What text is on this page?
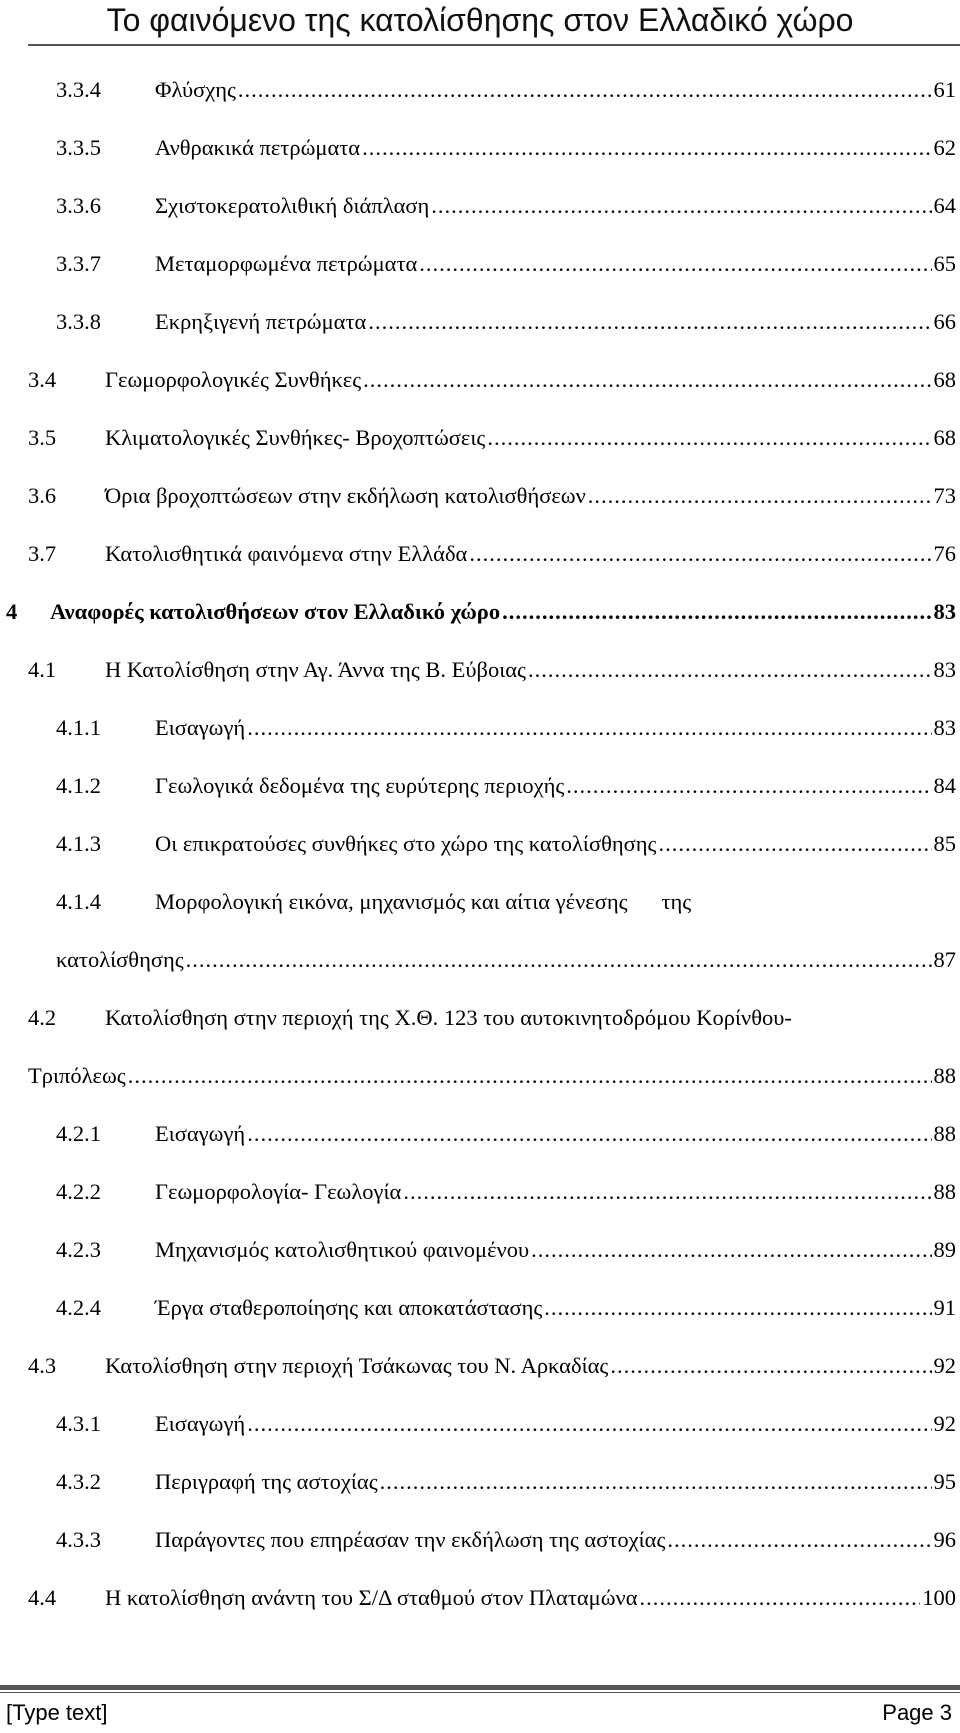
Το φαινόμενο της κατολίσθησης στον Ελλαδικό χώρο
3.3.4	Φλύσχης .....	61
3.3.5	Ανθρακικά πετρώματα .....	62
3.3.6	Σχιστοκερατολιθική διάπλαση .....	64
3.3.7	Μεταμορφωμένα πετρώματα .....	65
3.3.8	Εκρηξιγενή πετρώματα .....	66
3.4	Γεωμορφολογικές Συνθήκες .....	68
3.5	Κλιματολογικές Συνθήκες- Βροχοπτώσεις .....	68
3.6	Όρια βροχοπτώσεων στην εκδήλωση κατολισθήσεων .....	73
3.7	Κατολισθητικά φαινόμενα στην Ελλάδα .....	76
4	Αναφορές κατολισθήσεων στον Ελλαδικό χώρο .....	83
4.1	Η Κατολίσθηση στην Αγ. Άννα της Β. Εύβοιας .....	83
4.1.1	Εισαγωγή .....	83
4.1.2	Γεωλογικά δεδομένα της ευρύτερης περιοχής .....	84
4.1.3	Οι επικρατούσες συνθήκες στο χώρο της κατολίσθησης .....	85
4.1.4	Μορφολογική εικόνα, μηχανισμός και αίτια γένεσης της
κατολίσθησης .....	87
4.2	Κατολίσθηση στην περιοχή της Χ.Θ. 123 του αυτοκινητοδρόμου Κορίνθου-
Τριπόλεως .....	88
4.2.1	Εισαγωγή .....	88
4.2.2	Γεωμορφολογία- Γεωλογία .....	88
4.2.3	Μηχανισμός κατολισθητικού φαινομένου .....	89
4.2.4	Έργα σταθεροποίησης και αποκατάστασης .....	91
4.3	Κατολίσθηση στην περιοχή Τσάκωνας του Ν. Αρκαδίας .....	92
4.3.1	Εισαγωγή .....	92
4.3.2	Περιγραφή της αστοχίας .....	95
4.3.3	Παράγοντες που επηρέασαν την εκδήλωση της αστοχίας .....	96
4.4	Η κατολίσθηση ανάντη του Σ/Δ σταθμού στον Πλαταμώνα .....	100
[Type text]	Page 3
